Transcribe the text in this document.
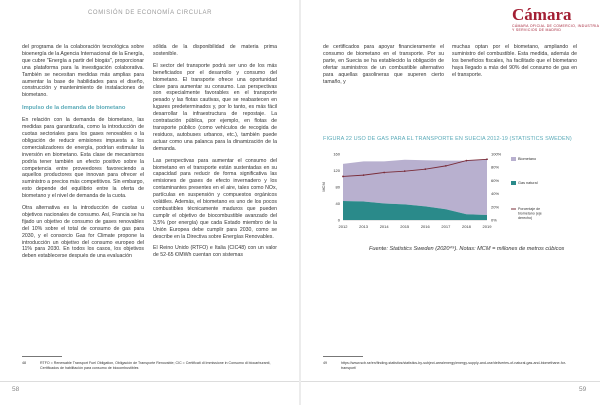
COMISIÓN DE ECONOMÍA CIRCULAR

del programa de la colaboración tecnológica sobre bioenergía de la Agencia Internacional de la Energía, que cubre "Energía a partir del biogás", proporcionar una plataforma para la investigación colaborativa. También se necesitan medidas más amplias para aumentar la base de habilidades para el diseño, construcción y mantenimiento de instalaciones de biometano.

Impulso de la demanda de biometano

En relación con la demanda de biometano, las medidas para garantizarla, como la introducción de cuotas sectoriales para los gases renovables o la obligación de reducir emisiones impuesta a los comercializadores de energía, podrían estimular la inversión en biometano. Esta clase de mecanismos podría tener también un efecto positivo sobre la competencia entre proveedores favoreciendo a aquellos productores que innovan para ofrecer el suministro a precios más competitivos. Sin embargo, esto depende del equilibrio entre la oferta de biometano y el nivel de demanda de la cuota.

Otra alternativa es la introducción de cuotas u objetivos nacionales de consumo. Así, Francia se ha fijado un objetivo de consumo de gases renovables del 10% sobre el total de consumo de gas para 2030, y el consorcio Gas for Climate propone la introducción un objetivo del consumo europeo del 11% para 2030. En todos los casos, los objetivos deben establecerse después de una evaluación

sólida de la disponibilidad de materia prima sostenible.

El sector del transporte podrá ser uno de los más beneficiados por el desarrollo y consumo del biometano. El transporte ofrece una oportunidad clave para aumentar su consumo. Las perspectivas son especialmente favorables en el transporte pesado y las flotas cautivas, que se reabastecen en lugares predeterminados y, por lo tanto, es más fácil desarrollar la infraestructura de repostaje. La contratación pública, por ejemplo, en flotas de transporte público (como vehículos de recogida de residuos, autobuses urbanos, etc.), también puede actuar como una palanca para la dinamización de la demanda.

Las perspectivas para aumentar el consumo del biometano en el transporte están sustentadas en su capacidad para reducir de forma significativa las emisiones de gases de efecto invernadero y los contaminantes presentes en el aire, tales como NOx, partículas en suspensión y compuestos orgánicos volátiles. Además, el biometano es uno de los pocos combustibles técnicamente maduros que pueden cumplir el objetivo de biocombustible avanzado del 3,5% (por energía) que cada Estado miembro de la Unión Europea debe cumplir para 2030, como se describe en la Directiva sobre Energías Renovables.

El Reino Unido (RTFO) e Italia (CIC48) con un valor de 52-65 €/MWh cuentan con sistemas

48	RTFO = Renewable Transport Fuel Obligation, Obligación de Transporte Renovable; CIC = Certificati di Immissione in Consumo di biocarburanti, Certificados de habilitación para consumo de biocombustibles
58
Cámara
CÁMARA OFICIAL DE COMERCIO, INDUSTRIA Y SERVICIOS DE MADRID

de certificados para apoyar financieramente el consumo de biometano en el transporte. Por su parte, en Suecia se ha establecido la obligación de ofertar suministros de un combustible alternativo para aquellas gasolineras que superen cierto tamaño, y

muchas optan por el biometano, ampliando el suministro del combustible. Esta medida, además de los beneficios fiscales, ha facilitado que el biometano haya llegado a más del 90% del consumo de gas en el transporte.

FIGURA 22 USO DE GAS PARA EL TRANSPORTE EN SUECIA 2012-19 (STATISTICS SWEDEN)
MCM
0
40
80
120
160
0%
20%
40%
60%
80%
100%
2012	2013	2014	2015	2016	2017	2018	2019
Biometano
Gas natural
Porcentaje de
biometano (eje
derecho)
Fuente: Statistics Sweden (2020⁴⁹). Notas: MCM = millones de metros cúbicos
49	https://www.scb.se/en/finding-statistics/statistics-by-subject-area/energy/energy-supply-and-use/deliveries-of-natural-gas-and-biomethane-for-transport/
59
